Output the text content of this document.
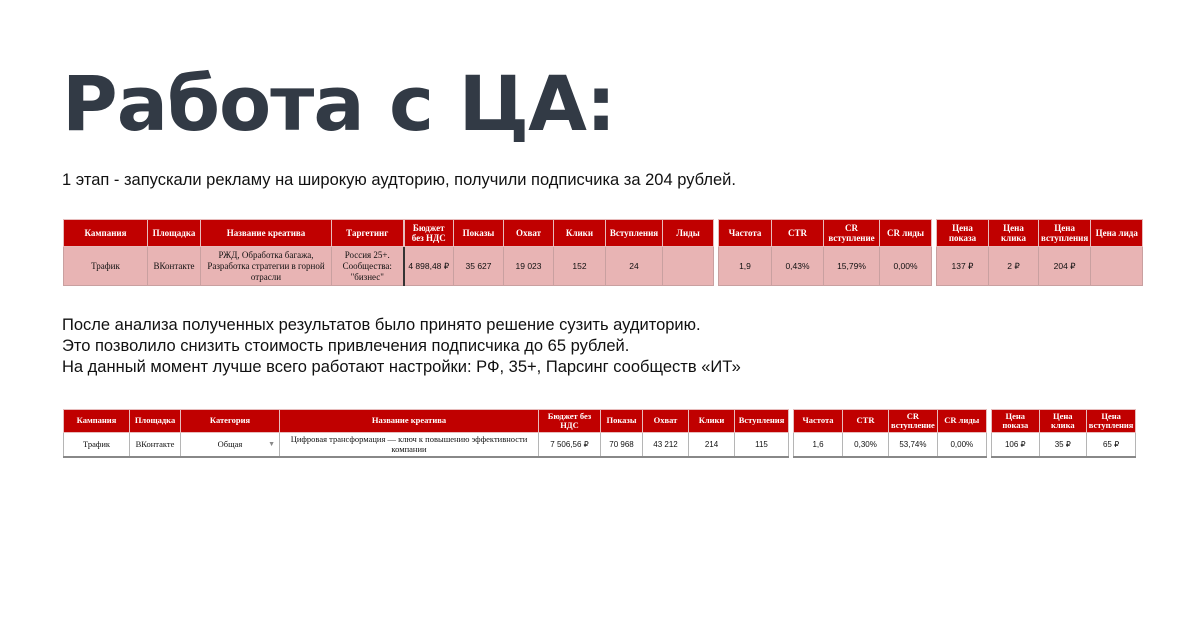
Работа с ЦА:
1 этап - запускали рекламу на широкую аудторию, получили подписчика за 204 рублей.
Кампания	Площадка	Название креатива	Таргетинг	Бюджет без НДС	Показы	Охват	Клики	Вступления	Лиды
Трафик	ВКонтакте	РЖД, Обработка багажа, Разработка стратегии в горной отрасли	Россия 25+. Сообщества: "бизнес"	4 898,48 ₽	35 627	19 023	152	24	
Частота	CTR	CR вступление	CR лиды
1,9	0,43%	15,79%	0,00%
Цена показа	Цена клика	Цена вступления	Цена лида
137 ₽	2 ₽	204 ₽	
После анализа полученных результатов было принято решение сузить аудиторию.
Это позволило снизить стоимость привлечения подписчика до 65 рублей.
На данный момент лучше всего работают настройки: РФ, 35+, Парсинг сообществ «ИТ»
Кампания	Площадка	Категория	Название креатива	Бюджет без НДС	Показы	Охват	Клики	Вступления
Трафик	ВКонтакте	Общая ▼	Цифровая трансформация — ключ к повышению эффективности компании	7 506,56 ₽	70 968	43 212	214	115
Частота	CTR	CR вступление	CR лиды
1,6	0,30%	53,74%	0,00%
Цена показа	Цена клика	Цена вступления
106 ₽	35 ₽	65 ₽
